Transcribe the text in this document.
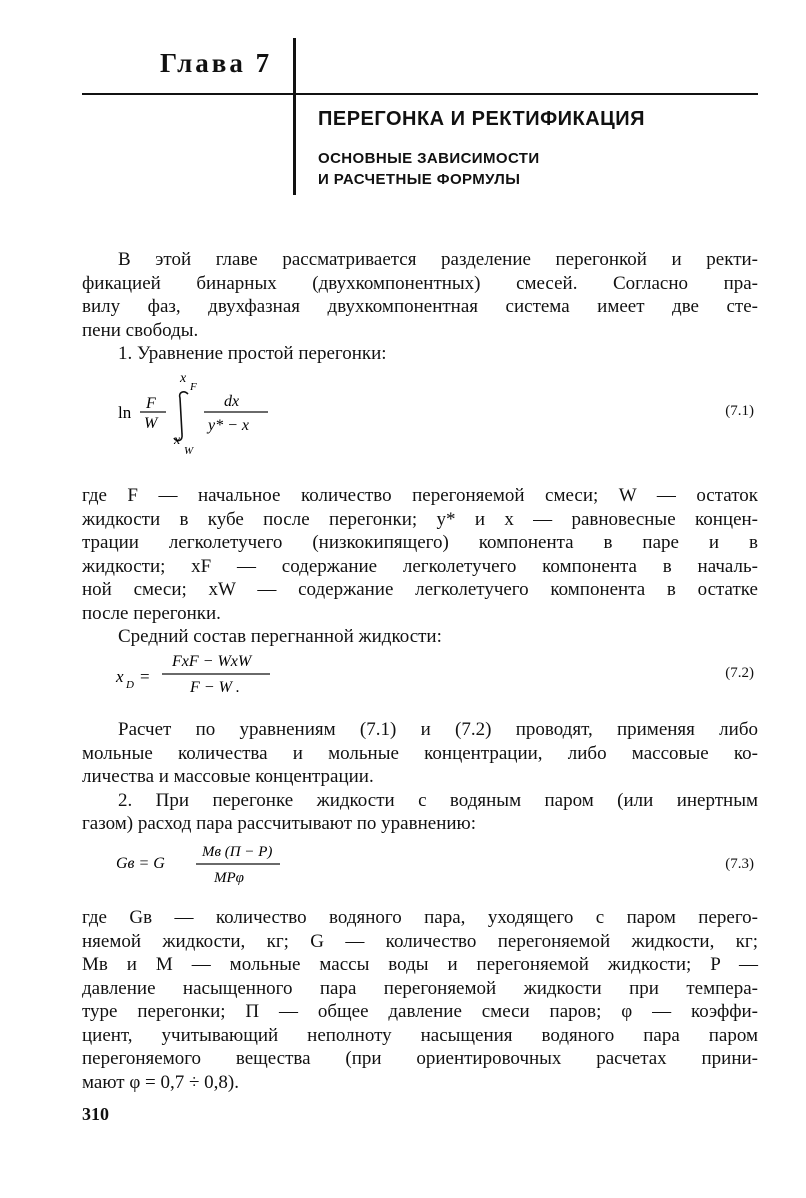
Глава 7
ПЕРЕГОНКА И РЕКТИФИКАЦИЯ
ОСНОВНЫЕ ЗАВИСИМОСТИ
И РАСЧЕТНЫЕ ФОРМУЛЫ
В этой главе рассматривается разделение перегонкой и ректи-
фикацией бинарных (двухкомпонентных) смесей. Согласно пра-
вилу фаз, двухфазная двухкомпонентная система имеет две сте-
пени свободы.
1. Уравнение простой перегонки:
ln F
W
x
F
x
W
dx
y* − x
(7.1)
где F — начальное количество перегоняемой смеси; W — остаток
жидкости в кубе после перегонки; y* и x — равновесные концен-
трации легколетучего (низкокипящего) компонента в паре и в
жидкости; xF — содержание легколетучего компонента в началь-
ной смеси; xW — содержание легколетучего компонента в остатке
после перегонки.
Средний состав перегнанной жидкости:
x D =
FxF − WxW
F − W .
(7.2)
Расчет по уравнениям (7.1) и (7.2) проводят, применяя либо
мольные количества и мольные концентрации, либо массовые ко-
личества и массовые концентрации.
2. При перегонке жидкости с водяным паром (или инертным
газом) расход пара рассчитывают по уравнению:
Gв = G
Mв (П − P)
MPφ
(7.3)
где Gв — количество водяного пара, уходящего с паром перего-
няемой жидкости, кг; G — количество перегоняемой жидкости, кг;
Mв и M — мольные массы воды и перегоняемой жидкости; P —
давление насыщенного пара перегоняемой жидкости при темпера-
туре перегонки; П — общее давление смеси паров; φ — коэффи-
циент, учитывающий неполноту насыщения водяного пара паром
перегоняемого вещества (при ориентировочных расчетах прини-
мают φ = 0,7 ÷ 0,8).
310
